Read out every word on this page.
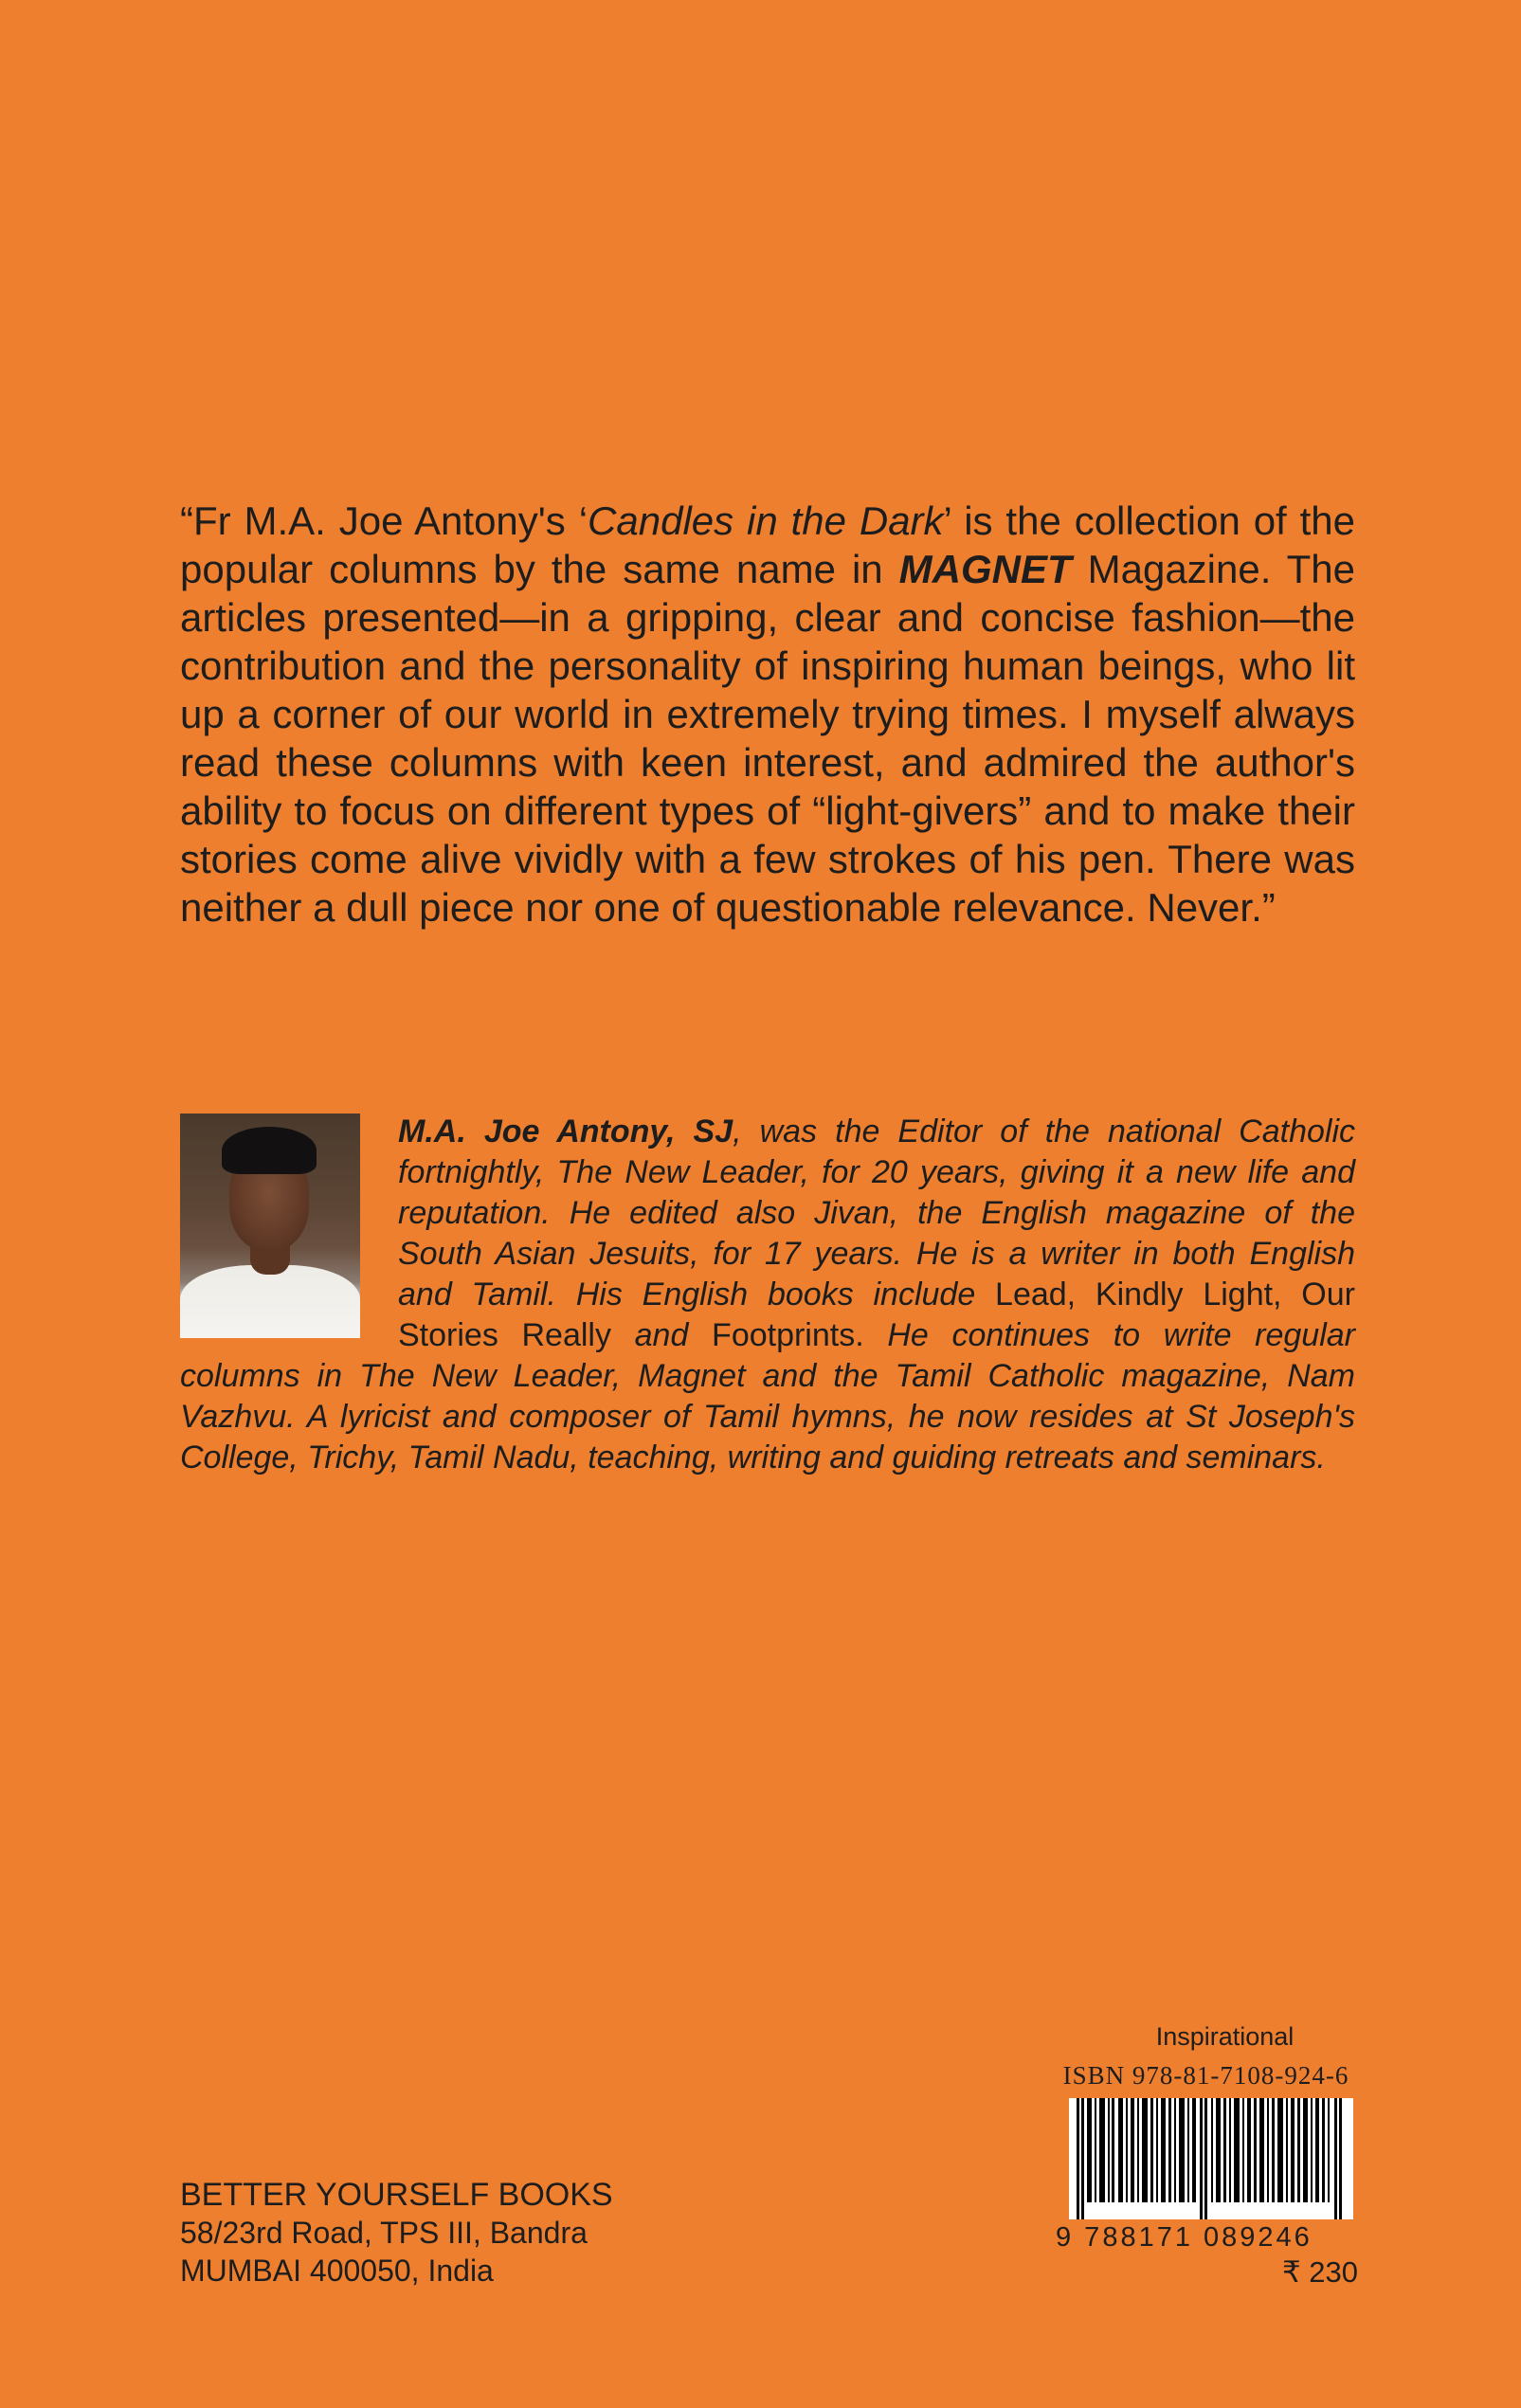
“Fr M.A. Joe Antony's ‘Candles in the Dark’ is the collection of the popular columns by the same name in MAGNET Magazine. The articles presented—in a gripping, clear and concise fashion—the contribution and the personality of inspiring human beings, who lit up a corner of our world in extremely trying times. I myself always read these columns with keen interest, and admired the author's ability to focus on different types of “light-givers” and to make their stories come alive vividly with a few strokes of his pen. There was neither a dull piece nor one of questionable relevance. Never.”
M.A. Joe Antony, SJ, was the Editor of the national Catholic fortnightly, The New Leader, for 20 years, giving it a new life and reputation. He edited also Jivan, the English magazine of the South Asian Jesuits, for 17 years. He is a writer in both English and Tamil. His English books include Lead, Kindly Light, Our Stories Really and Footprints. He continues to write regular columns in The New Leader, Magnet and the Tamil Catholic magazine, Nam Vazhvu. A lyricist and composer of Tamil hymns, he now resides at St Joseph's College, Trichy, Tamil Nadu, teaching, writing and guiding retreats and seminars.
BETTER YOURSELF BOOKS
58/23rd Road, TPS III, Bandra
MUMBAI 400050, India
Inspirational
ISBN 978-81-7108-924-6
9 788171 089246
₹ 230
